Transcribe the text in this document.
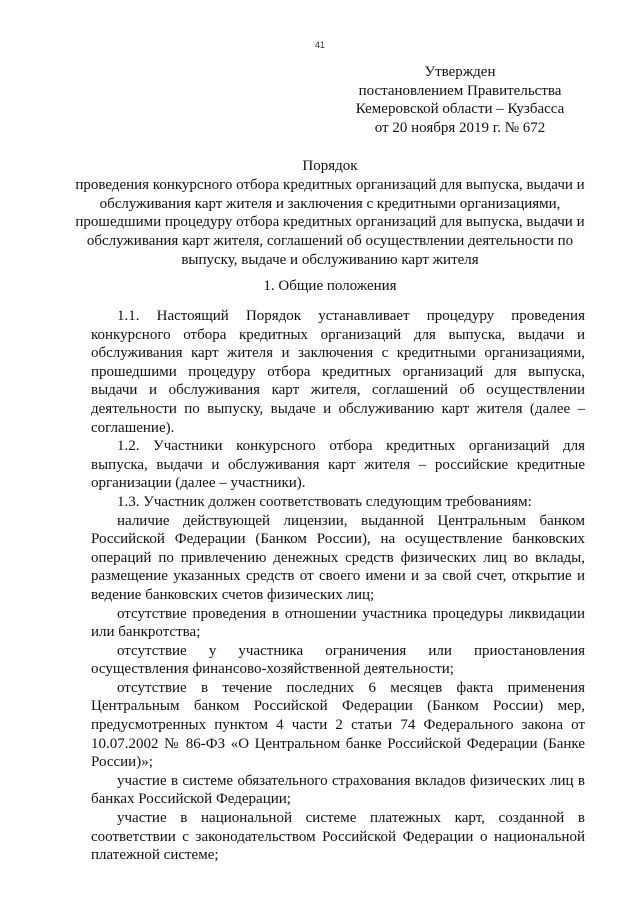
41
Утвержден
постановлением Правительства
Кемеровской области – Кузбасса
от 20 ноября 2019 г. № 672
Порядок
проведения конкурсного отбора кредитных организаций для выпуска, выдачи и обслуживания карт жителя и заключения с кредитными организациями, прошедшими процедуру отбора кредитных организаций для выпуска, выдачи и обслуживания карт жителя, соглашений об осуществлении деятельности по выпуску, выдаче и обслуживанию карт жителя
1. Общие положения

1.1. Настоящий Порядок устанавливает процедуру проведения конкурсного отбора кредитных организаций для выпуска, выдачи и обслуживания карт жителя и заключения с кредитными организациями, прошедшими процедуру отбора кредитных организаций для выпуска, выдачи и обслуживания карт жителя, соглашений об осуществлении деятельности по выпуску, выдаче и обслуживанию карт жителя (далее – соглашение).

1.2. Участники конкурсного отбора кредитных организаций для выпуска, выдачи и обслуживания карт жителя – российские кредитные организации (далее – участники).

1.3. Участник должен соответствовать следующим требованиям:

наличие действующей лицензии, выданной Центральным банком Российской Федерации (Банком России), на осуществление банковских операций по привлечению денежных средств физических лиц во вклады, размещение указанных средств от своего имени и за свой счет, открытие и ведение банковских счетов физических лиц;

отсутствие проведения в отношении участника процедуры ликвидации или банкротства;

отсутствие у участника ограничения или приостановления осуществления финансово-хозяйственной деятельности;

отсутствие в течение последних 6 месяцев факта применения Центральным банком Российской Федерации (Банком России) мер, предусмотренных пунктом 4 части 2 статьи 74 Федерального закона от 10.07.2002 № 86-ФЗ «О Центральном банке Российской Федерации (Банке России)»;

участие в системе обязательного страхования вкладов физических лиц в банках Российской Федерации;

участие в национальной системе платежных карт, созданной в соответствии с законодательством Российской Федерации о национальной платежной системе;
